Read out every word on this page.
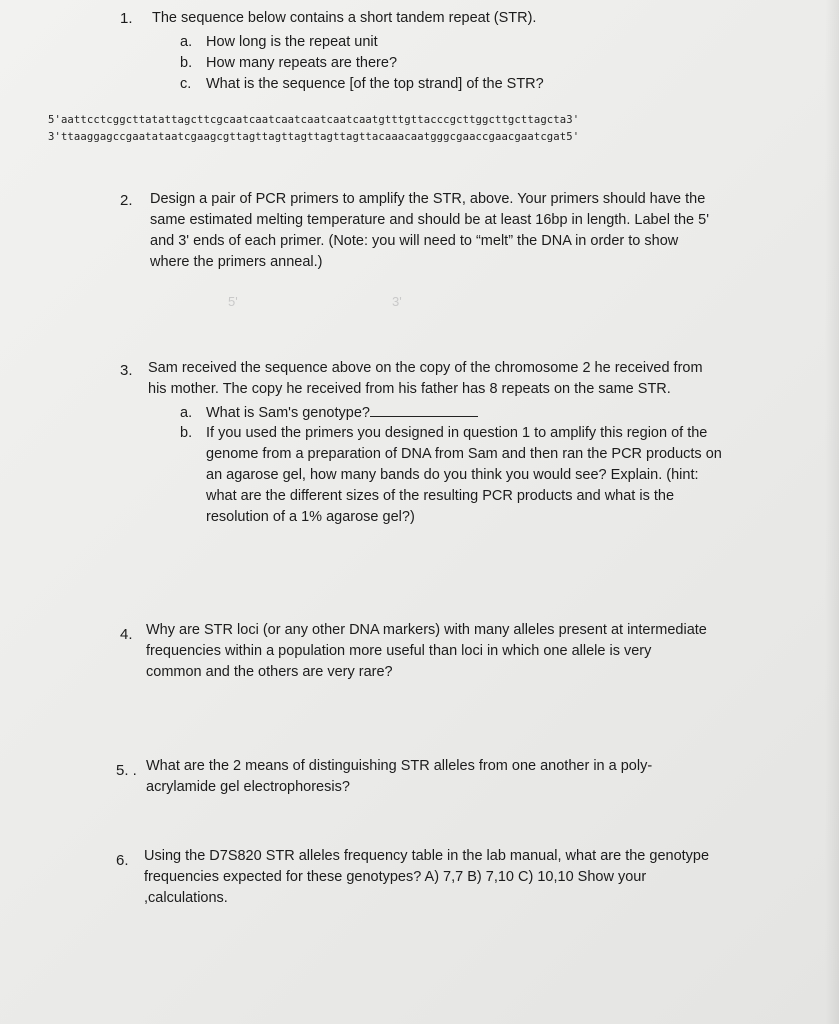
1. The sequence below contains a short tandem repeat (STR).
a. How long is the repeat unit
b. How many repeats are there?
c. What is the sequence [of the top strand] of the STR?
5'aattcctcggcttatattagcttcgcaatcaatcaatcaatcaatcaatgtttgttacccgcttggcttgcttagcta3'
3'ttaaggagccgaatataatcgaagcgttagttagttagttagttagttacaaacaatgggcgaaccgaacgaatcgat5'
2. Design a pair of PCR primers to amplify the STR, above. Your primers should have the
same estimated melting temperature and should be at least 16bp in length. Label the 5'
and 3' ends of each primer. (Note: you will need to “melt” the DNA in order to show
where the primers anneal.)
5'	3'
3. Sam received the sequence above on the copy of the chromosome 2 he received from
his mother. The copy he received from his father has 8 repeats on the same STR.
a. What is Sam's genotype?
b. If you used the primers you designed in question 1 to amplify this region of the
genome from a preparation of DNA from Sam and then ran the PCR products on
an agarose gel, how many bands do you think you would see? Explain. (hint:
what are the different sizes of the resulting PCR products and what is the
resolution of a 1% agarose gel?)
4. Why are STR loci (or any other DNA markers) with many alleles present at intermediate
frequencies within a population more useful than loci in which one allele is very
common and the others are very rare?
5. . What are the 2 means of distinguishing STR alleles from one another in a poly-
acrylamide gel electrophoresis?
6. Using the D7S820 STR alleles frequency table in the lab manual, what are the genotype
frequencies expected for these genotypes? A) 7,7 B) 7,10 C) 10,10 Show your
,calculations.
